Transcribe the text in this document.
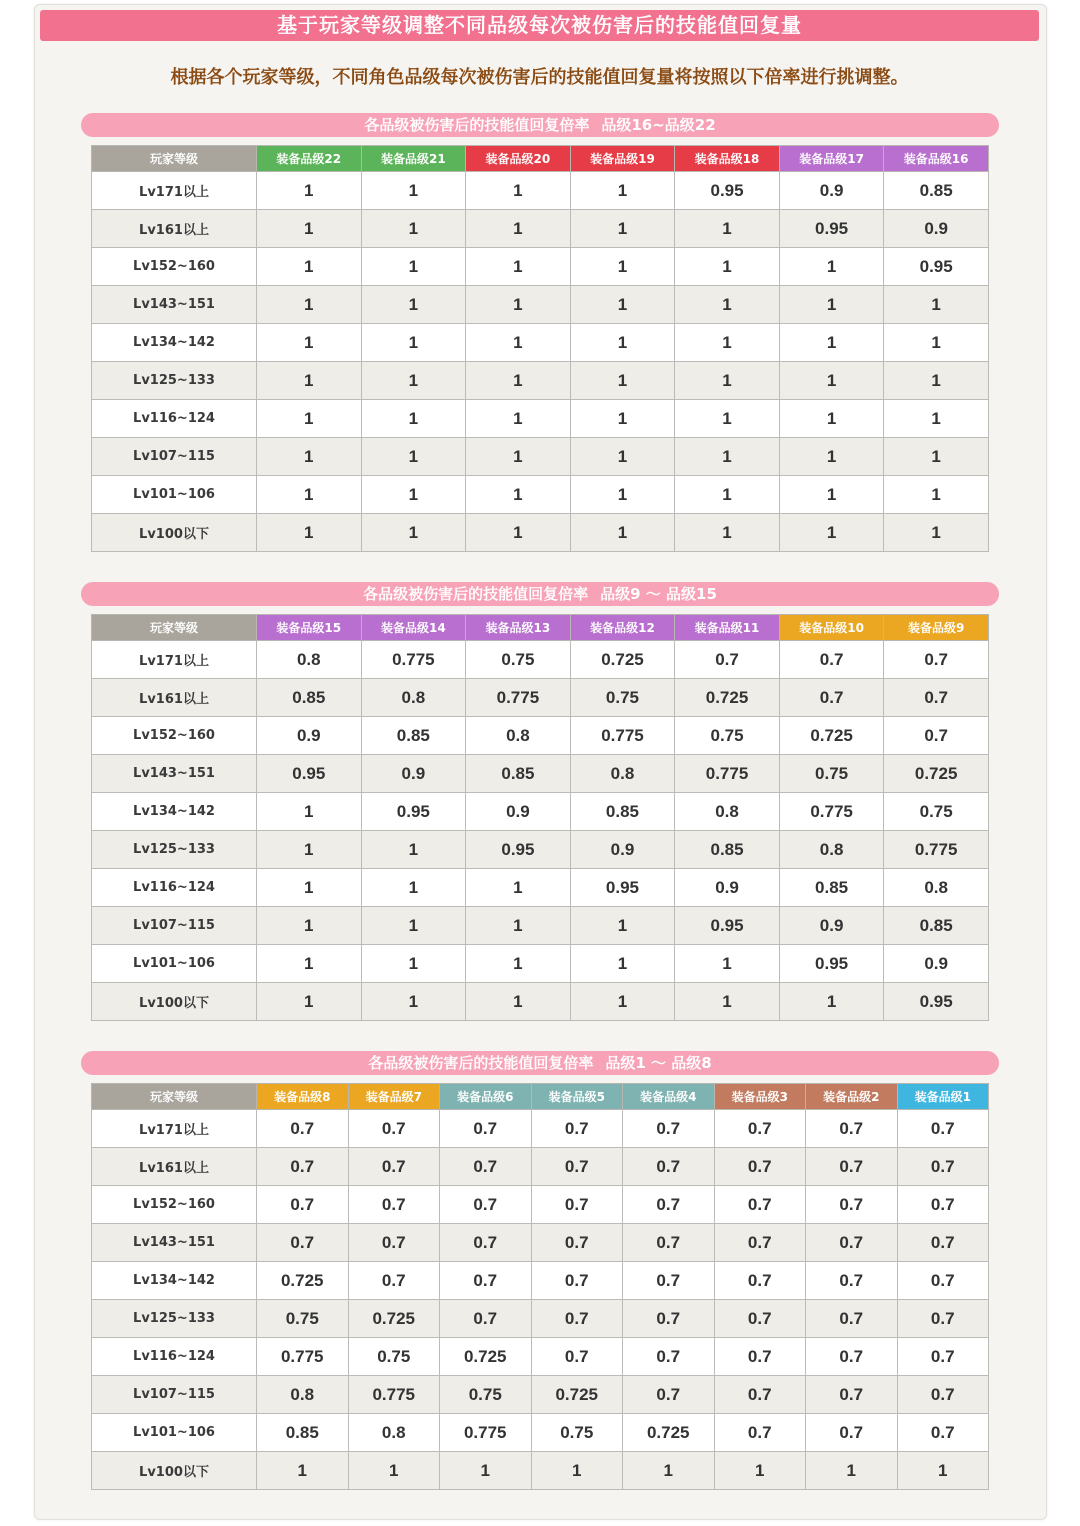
基于玩家等级调整不同品级每次被伤害后的技能值回复量
根据各个玩家等级，不同角色品级每次被伤害后的技能值回复量将按照以下倍率进行挑调整。
各品级被伤害后的技能值回复倍率 品级16~品级22
玩家等级	装备品级22	装备品级21	装备品级20	装备品级19	装备品级18	装备品级17	装备品级16
Lv171以上	1	1	1	1	0.95	0.9	0.85
Lv161以上	1	1	1	1	1	0.95	0.9
Lv152~160	1	1	1	1	1	1	0.95
Lv143~151	1	1	1	1	1	1	1
Lv134~142	1	1	1	1	1	1	1
Lv125~133	1	1	1	1	1	1	1
Lv116~124	1	1	1	1	1	1	1
Lv107~115	1	1	1	1	1	1	1
Lv101~106	1	1	1	1	1	1	1
Lv100以下	1	1	1	1	1	1	1
各品级被伤害后的技能值回复倍率 品级9 ～ 品级15
玩家等级	装备品级15	装备品级14	装备品级13	装备品级12	装备品级11	装备品级10	装备品级9
Lv171以上	0.8	0.775	0.75	0.725	0.7	0.7	0.7
Lv161以上	0.85	0.8	0.775	0.75	0.725	0.7	0.7
Lv152~160	0.9	0.85	0.8	0.775	0.75	0.725	0.7
Lv143~151	0.95	0.9	0.85	0.8	0.775	0.75	0.725
Lv134~142	1	0.95	0.9	0.85	0.8	0.775	0.75
Lv125~133	1	1	0.95	0.9	0.85	0.8	0.775
Lv116~124	1	1	1	0.95	0.9	0.85	0.8
Lv107~115	1	1	1	1	0.95	0.9	0.85
Lv101~106	1	1	1	1	1	0.95	0.9
Lv100以下	1	1	1	1	1	1	0.95
各品级被伤害后的技能值回复倍率 品级1 ～ 品级8
玩家等级	装备品级8	装备品级7	装备品级6	装备品级5	装备品级4	装备品级3	装备品级2	装备品级1
Lv171以上	0.7	0.7	0.7	0.7	0.7	0.7	0.7	0.7
Lv161以上	0.7	0.7	0.7	0.7	0.7	0.7	0.7	0.7
Lv152~160	0.7	0.7	0.7	0.7	0.7	0.7	0.7	0.7
Lv143~151	0.7	0.7	0.7	0.7	0.7	0.7	0.7	0.7
Lv134~142	0.725	0.7	0.7	0.7	0.7	0.7	0.7	0.7
Lv125~133	0.75	0.725	0.7	0.7	0.7	0.7	0.7	0.7
Lv116~124	0.775	0.75	0.725	0.7	0.7	0.7	0.7	0.7
Lv107~115	0.8	0.775	0.75	0.725	0.7	0.7	0.7	0.7
Lv101~106	0.85	0.8	0.775	0.75	0.725	0.7	0.7	0.7
Lv100以下	1	1	1	1	1	1	1	1
